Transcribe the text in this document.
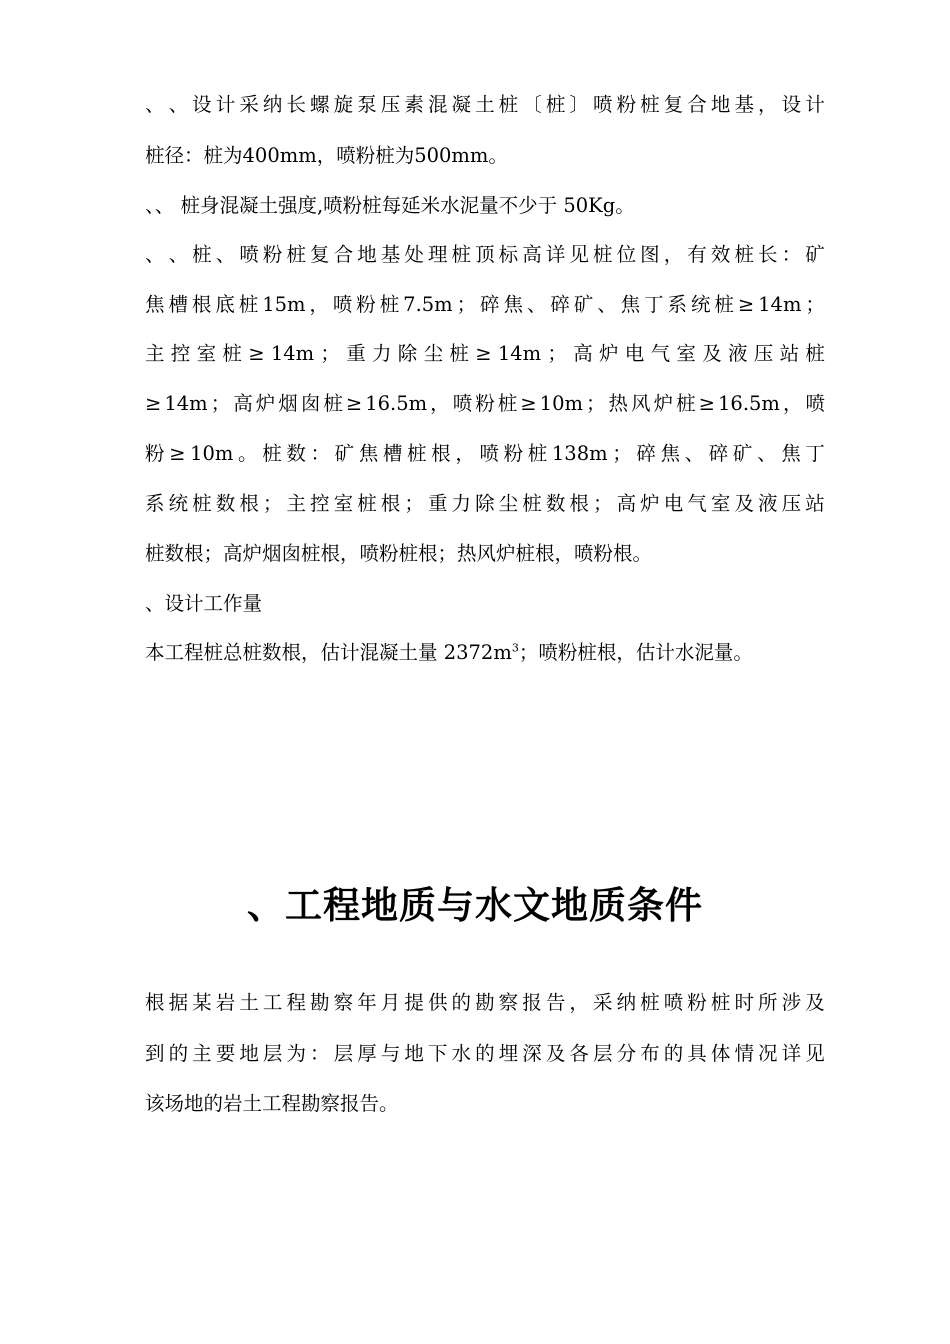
、 、 设 计 采 纳 长 螺 旋 泵 压 素 混 凝 土 桩 〔 桩 〕 喷 粉 桩 复 合 地 基 ， 设 计
桩径：桩为400mm，喷粉桩为500mm。
、、 桩身混凝土强度,喷粉桩每延米水泥量不少于 50Kg。
、 、 桩 、 喷 粉 桩 复 合 地 基 处 理 桩 顶 标 高 详 见 桩 位 图 ， 有 效 桩 长 ： 矿
焦 槽 根 底 桩 15m ， 喷 粉 桩 7.5m ； 碎 焦 、 碎 矿 、 焦 丁 系 统 桩 ≥ 14m ；
主 控 室 桩 ≥ 14m ； 重 力 除 尘 桩 ≥ 14m ； 高 炉 电 气 室 及 液 压 站 桩
≥ 14m ； 高 炉 烟 囱 桩 ≥ 16.5m ， 喷 粉 桩 ≥ 10m ； 热 风 炉 桩 ≥ 16.5m ， 喷
粉 ≥ 10m 。 桩 数 ： 矿 焦 槽 桩 根 ， 喷 粉 桩 138m ； 碎 焦 、 碎 矿 、 焦 丁
系 统 桩 数 根 ； 主 控 室 桩 根 ； 重 力 除 尘 桩 数 根 ； 高 炉 电 气 室 及 液 压 站
桩数根；高炉烟囱桩根，喷粉桩根；热风炉桩根，喷粉根。
、设计工作量
本工程桩总桩数根，估计混凝土量 $2372m^3$；喷粉桩根，估计水泥量。
、工程地质与水文地质条件
根 据 某 岩 土 工 程 勘 察 年 月 提 供 的 勘 察 报 告 ， 采 纳 桩 喷 粉 桩 时 所 涉 及
到 的 主 要 地 层 为 ： 层 厚 与 地 下 水 的 埋 深 及 各 层 分 布 的 具 体 情 况 详 见
该场地的岩土工程勘察报告。
